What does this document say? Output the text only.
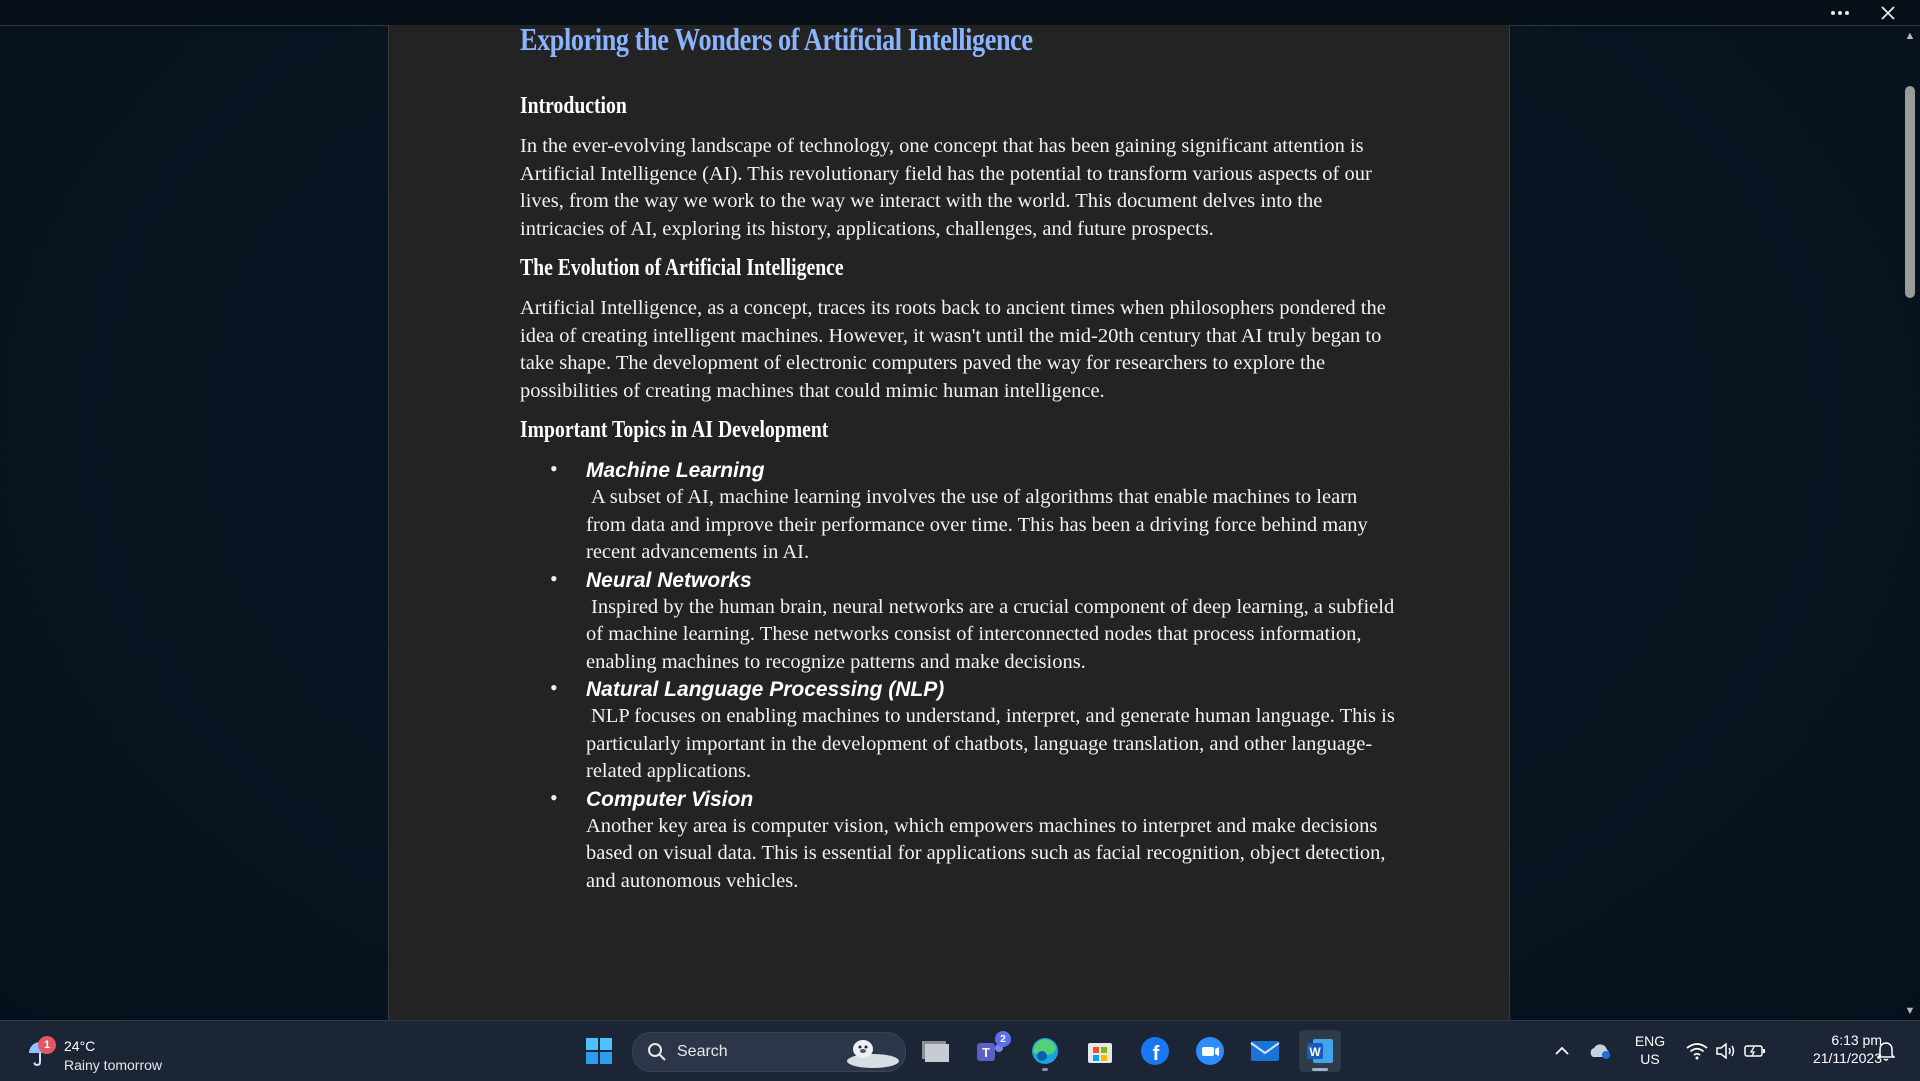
Exploring the Wonders of Artificial Intelligence
Introduction

In the ever-evolving landscape of technology, one concept that has been gaining significant attention is Artificial Intelligence (AI). This revolutionary field has the potential to transform various aspects of our lives, from the way we work to the way we interact with the world. This document delves into the intricacies of AI, exploring its history, applications, challenges, and future prospects.

The Evolution of Artificial Intelligence

Artificial Intelligence, as a concept, traces its roots back to ancient times when philosophers pondered the idea of creating intelligent machines. However, it wasn't until the mid-20th century that AI truly began to take shape. The development of electronic computers paved the way for researchers to explore the possibilities of creating machines that could mimic human intelligence.

Important Topics in AI Development
• Machine Learning
A subset of AI, machine learning involves the use of algorithms that enable machines to learn from data and improve their performance over time. This has been a driving force behind many recent advancements in AI.
• Neural Networks
Inspired by the human brain, neural networks are a crucial component of deep learning, a subfield of machine learning. These networks consist of interconnected nodes that process information, enabling machines to recognize patterns and make decisions.
• Natural Language Processing (NLP)
NLP focuses on enabling machines to understand, interpret, and generate human language. This is particularly important in the development of chatbots, language translation, and other language-related applications.
• Computer Vision
Another key area is computer vision, which empowers machines to interpret and make decisions based on visual data. This is essential for applications such as facial recognition, object detection, and autonomous vehicles.
▲
▼
1 24°C
Rainy tomorrow
Search	T
2
f	W
ENG
US
6:13 pm
21/11/2023
